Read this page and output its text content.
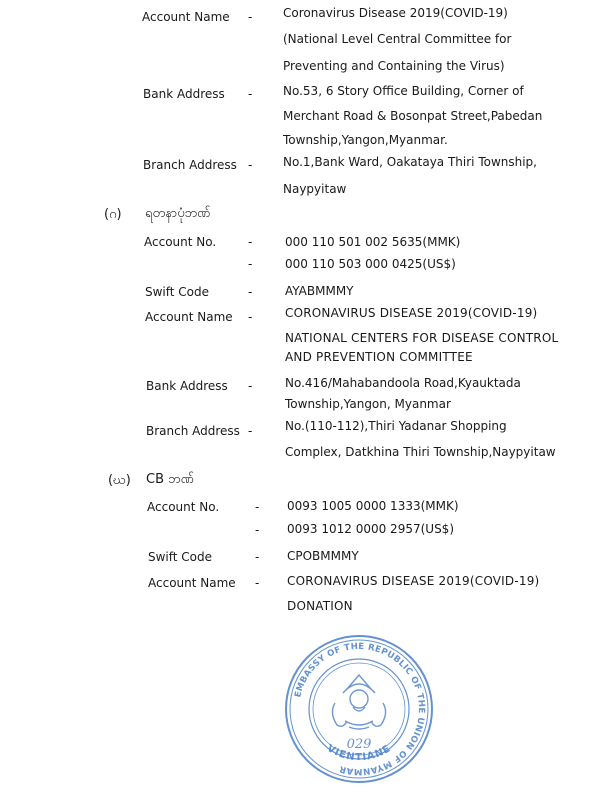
Account Name -	Coronavirus Disease 2019(COVID-19)
(National Level Central Committee for
Preventing and Containing the Virus)
Bank Address -	No.53, 6 Story Office Building, Corner of
Merchant Road & Bosonpat Street,Pabedan
Township,Yangon,Myanmar.
Branch Address -	No.1,Bank Ward, Oakataya Thiri Township,
Naypyitaw
(ဂ) ရတနာပုံဘဏ်
Account No.	-	000 110 501 002 5635(MMK)
-	000 110 503 000 0425(US$)
Swift Code	-	AYABMMMY
Account Name -	CORONAVIRUS DISEASE 2019(COVID-19)
NATIONAL CENTERS FOR DISEASE CONTROL
AND PREVENTION COMMITTEE
Bank Address -	No.416/Mahabandoola Road,Kyauktada
Township,Yangon, Myanmar
Branch Address -	No.(110-112),Thiri Yadanar Shopping
Complex, Datkhina Thiri Township,Naypyitaw
(ဃ) CB ဘဏ်
Account No.	- 0093 1005 0000 1333(MMK)
- 0093 1012 0000 2957(US$)
Swift Code	- CPOBMMMY
Account Name - CORONAVIRUS DISEASE 2019(COVID-19)
DONATION
EMBASSY OF THE REPUBLIC OF THE UNION OF MYANMAR
029
VIENTIANE
